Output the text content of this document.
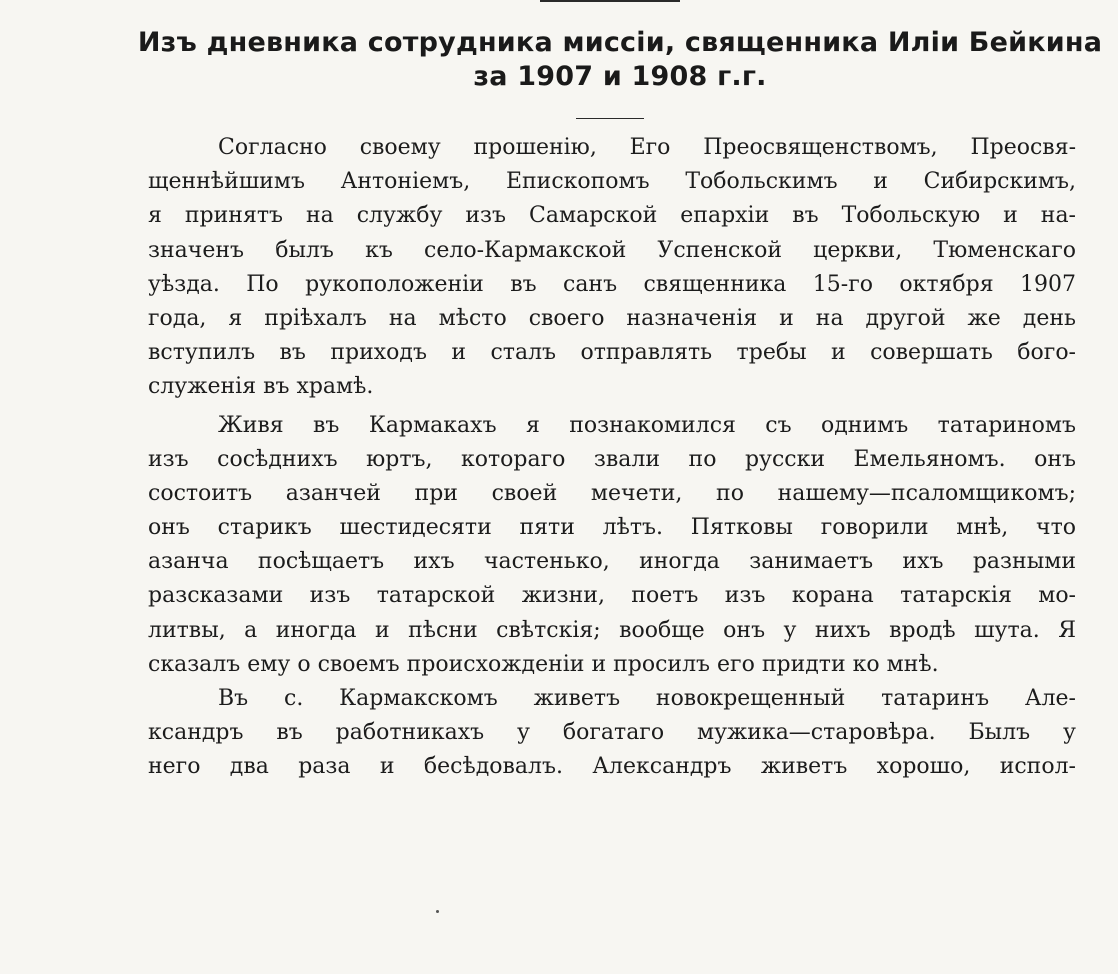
Изъ дневника сотрудника миссіи, священника Иліи Бейкина
за 1907 и 1908 г.г.

Согласно своему прошенію, Его Преосвященствомъ, Преосвя-
щеннѣйшимъ Антоніемъ, Епископомъ Тобольскимъ и Сибирскимъ,
я принятъ на службу изъ Самарской епархіи въ Тобольскую и на-
значенъ былъ къ село-Кармакской Успенской церкви, Тюменскаго
уѣзда. По рукоположеніи въ санъ священника 15-го октября 1907
года, я пріѣхалъ на мѣсто своего назначенія и на другой же день
вступилъ въ приходъ и сталъ отправлять требы и совершать бого-
служенія въ храмѣ.

Живя въ Кармакахъ я познакомился съ однимъ татариномъ
изъ сосѣднихъ юртъ, котораго звали по русски Емельяномъ. онъ
состоитъ азанчей при своей мечети, по нашему—псаломщикомъ;
онъ старикъ шестидесяти пяти лѣтъ. Пятковы говорили мнѣ, что
азанча посѣщаетъ ихъ частенько, иногда занимаетъ ихъ разными
разсказами изъ татарской жизни, поетъ изъ корана татарскія мо-
литвы, а иногда и пѣсни свѣтскія; вообще онъ у нихъ вродѣ шута. Я
сказалъ ему о своемъ происхожденіи и просилъ его придти ко мнѣ.

Въ с. Кармакскомъ живетъ новокрещенный татаринъ Але-
ксандръ въ работникахъ у богатаго мужика—старовѣра. Былъ у
него два раза и бесѣдовалъ. Александръ живетъ хорошо, испол-
